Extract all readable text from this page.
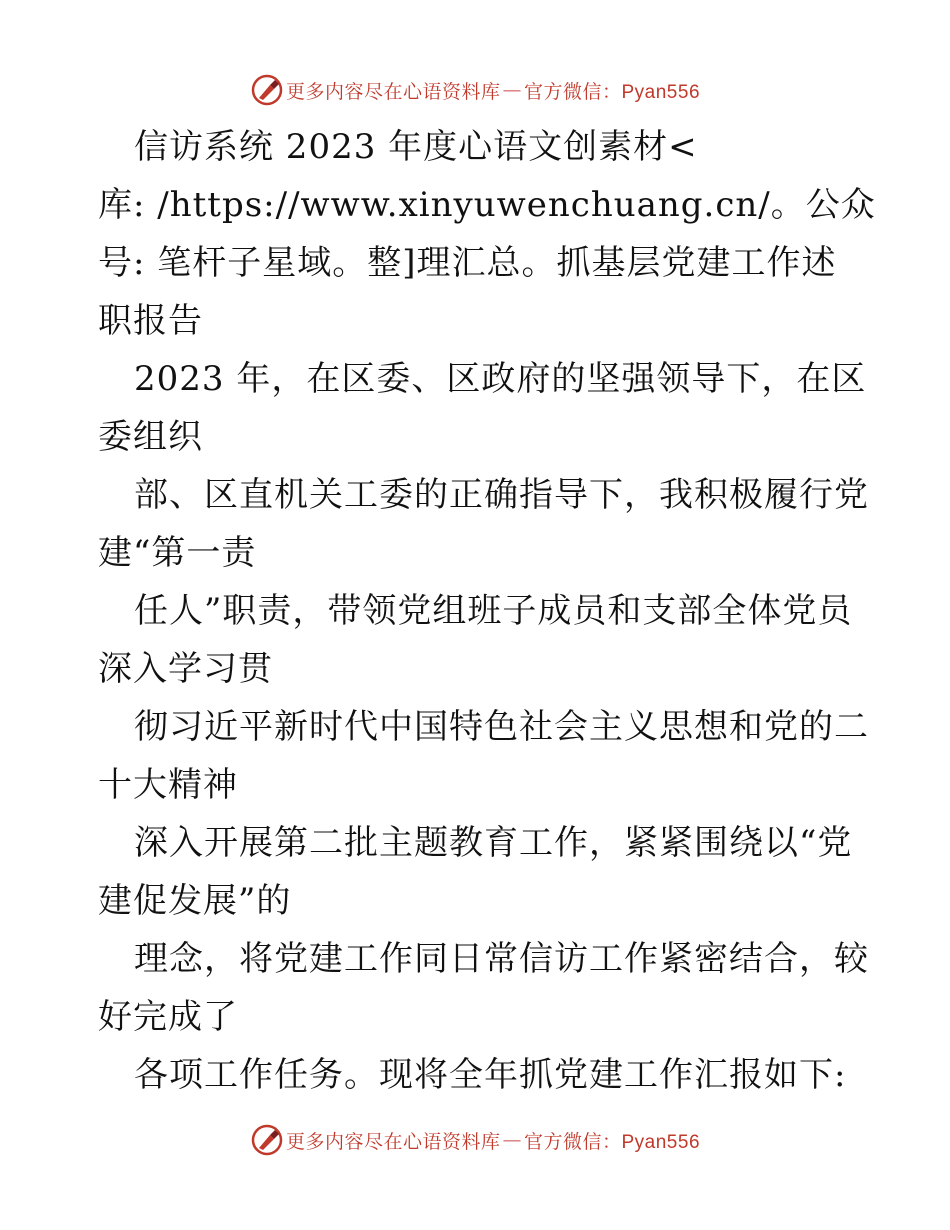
更多内容尽在心语资料库 — 官方微信：Pyan556
信访系统 2023 年度心语文创素材<
库: /https://www.xinyuwenchuang.cn/。公众
号: 笔杆子星域。整]理汇总。抓基层党建工作述
职报告
2023 年，在区委、区政府的坚强领导下，在区
委组织
部、区直机关工委的正确指导下，我积极履行党
建“第一责
任人”职责，带领党组班子成员和支部全体党员
深入学习贯
彻习近平新时代中国特色社会主义思想和党的二
十大精神
深入开展第二批主题教育工作，紧紧围绕以“党
建促发展”的
理念，将党建工作同日常信访工作紧密结合，较
好完成了
各项工作任务。现将全年抓党建工作汇报如下:
更多内容尽在心语资料库 — 官方微信：Pyan556
